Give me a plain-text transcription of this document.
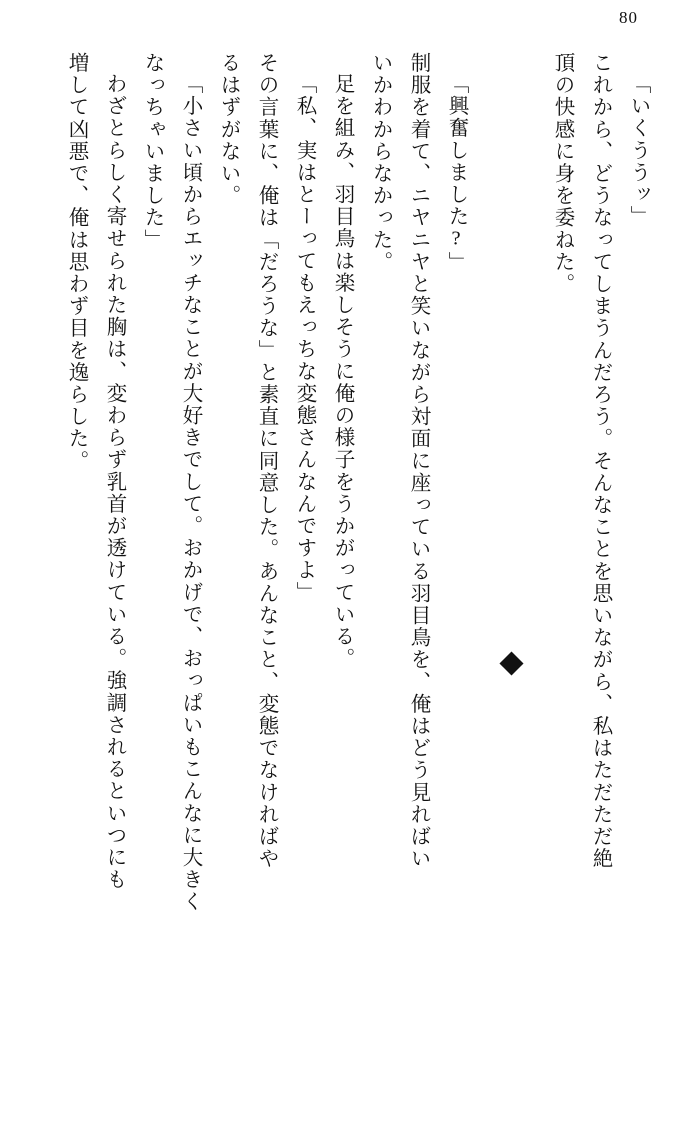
80
「いくううッ」
これから、どうなってしまうんだろう。そんなことを思いながら、私はただただ絶
頂の快感に身を委ねた。
「興奮しました?」
制服を着て、ニヤニヤと笑いながら対面に座っている羽目鳥を、俺はどう見ればい
いかわからなかった。
足を組み、羽目鳥は楽しそうに俺の様子をうかがっている。
「私、実はとーってもえっちな変態さんなんですよ」
その言葉に、俺は「だろうな」と素直に同意した。あんなこと、変態でなければや
るはずがない。
「小さい頃からエッチなことが大好きでして。おかげで、おっぱいもこんなに大きく
なっちゃいました」
わざとらしく寄せられた胸は、変わらず乳首が透けている。強調されるといつにも
増して凶悪で、俺は思わず目を逸らした。
